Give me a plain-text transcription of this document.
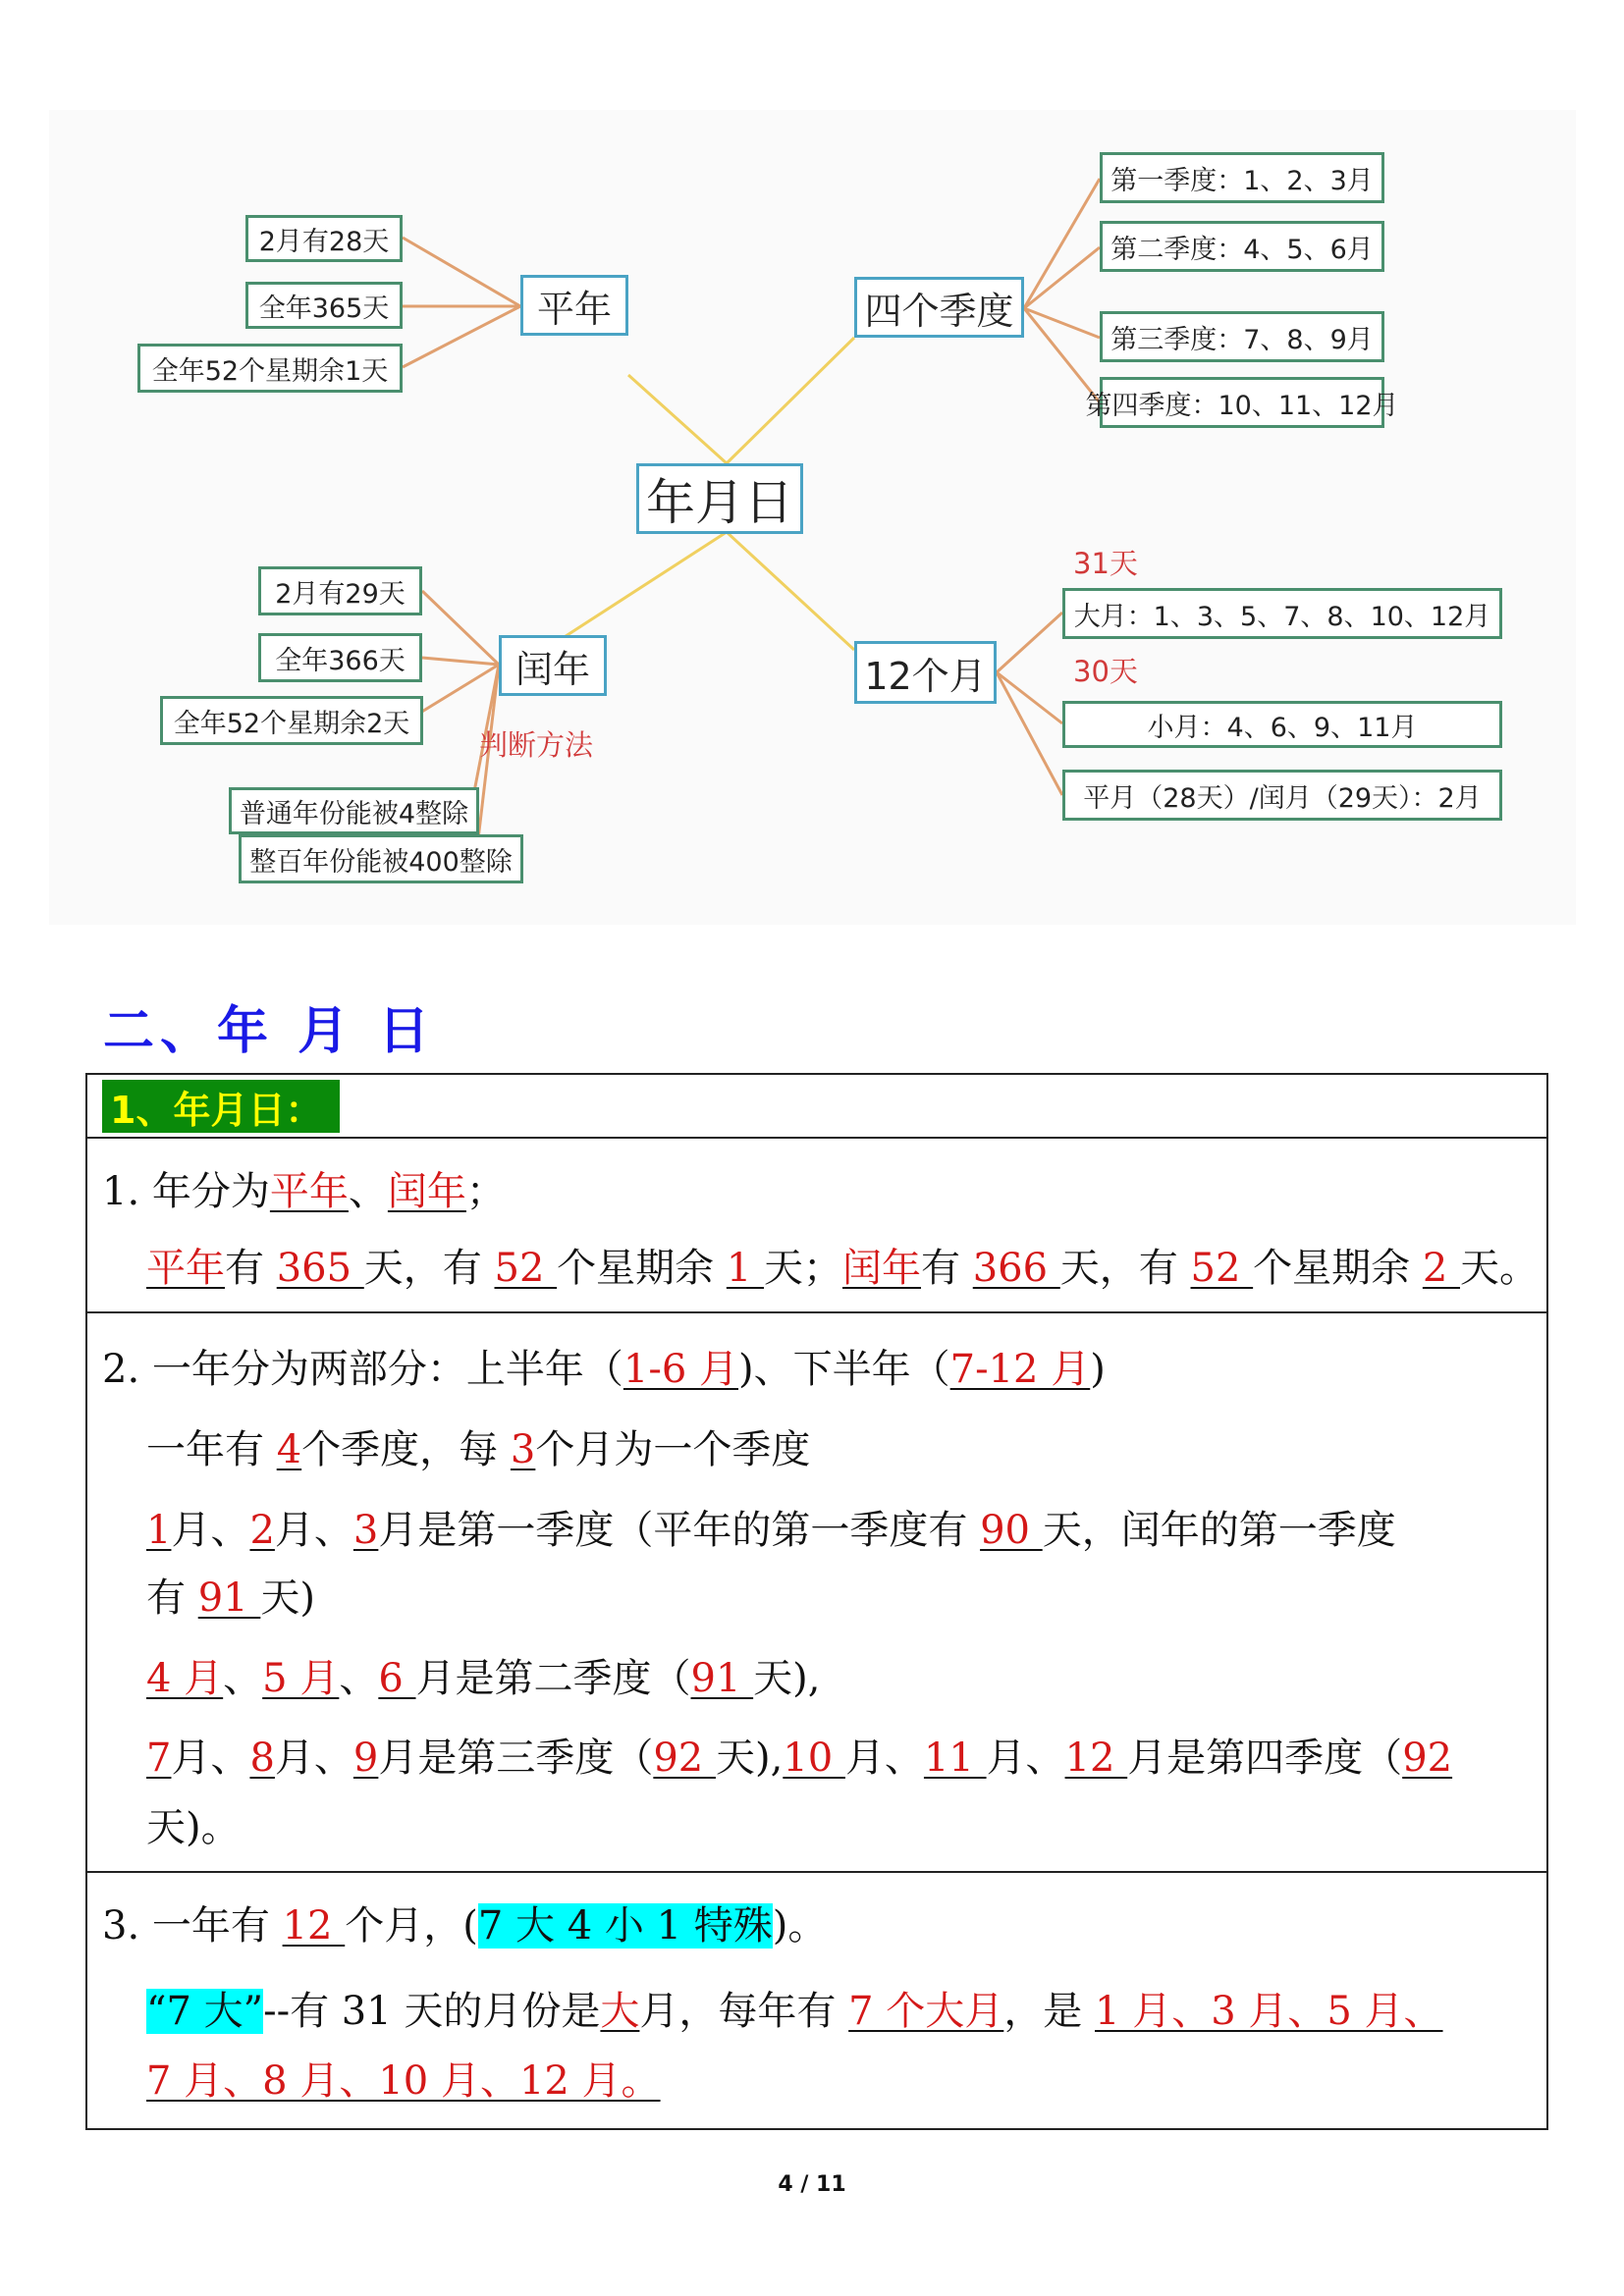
年月日
平年	四个季度
闰年	12个月
2月有28天
全年365天
全年52个星期余1天
第一季度：1、2、3月
第二季度：4、5、6月
第三季度：7、8、9月
第四季度：10、11、12月
2月有29天
全年366天
全年52个星期余2天
判断方法
普通年份能被4整除
整百年份能被400整除
31天
大月：1、3、5、7、8、10、12月
30天
小月：4、6、9、11月
平月（28天）/闰月（29天）：2月
二、年 月 日
1、年月日：
1. 年分为平年、闰年；
平年有 365 天，有 52 个星期余 1 天；闰年有 366 天，有 52 个星期余 2 天。
2. 一年分为两部分：上半年（1-6 月)、下半年（7-12 月)
一年有 4个季度，每 3个月为一个季度
1月、2月、3月是第一季度（平年的第一季度有 90 天，闰年的第一季度
有 91 天)
4 月、5 月、6 月是第二季度（91 天),
7月、8月、9月是第三季度（92 天),10 月、11 月、12 月是第四季度（92
天)。
3. 一年有 12 个月，(7 大 4 小 1 特殊)。
“7 大”--有 31 天的月份是大月，每年有 7 个大月，是 1 月、3 月、5 月、
7 月、8 月、10 月、12 月。
4 / 11
